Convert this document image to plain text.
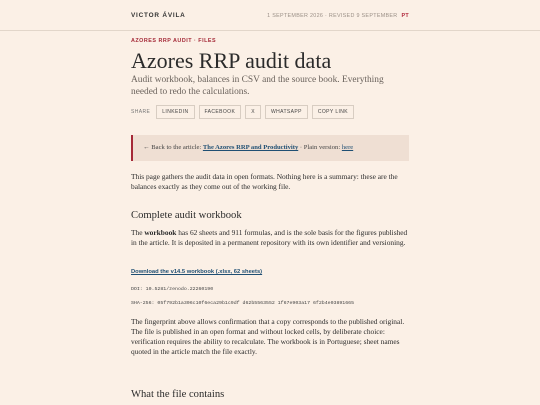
VICTOR ÁVILA	1 SEPTEMBER 2026 · REVISED 9 SEPTEMBER PT
AZORES RRP AUDIT · FILES
Azores RRP audit data
Audit workbook, balances in CSV and the source book. Everything needed to redo the calculations.
SHARE	LINKEDIN	FACEBOOK	X	WHATSAPP	COPY LINK
← Back to the article: The Azores RRP and Productivity · Plain version: here
This page gathers the audit data in open formats. Nothing here is a summary: these are the balances exactly as they come out of the working file.
Complete audit workbook
The workbook has 62 sheets and 911 formulas, and is the sole basis for the figures published in the article. It is deposited in a permanent repository with its own identifier and versioning.
Download the v14.5 workbook (.xlsx, 62 sheets)
DOI: 10.5281/zenodo.22260190
SHA-256: 05f792b1a306c10f6eca29b1c9df d62b5563552 1f67e903a17 6f2b4e03891665
The fingerprint above allows confirmation that a copy corresponds to the published original. The file is published in an open format and without locked cells, by deliberate choice: verification requires the ability to recalculate. The workbook is in Portuguese; sheet names quoted in the article match the file exactly.
What the file contains
